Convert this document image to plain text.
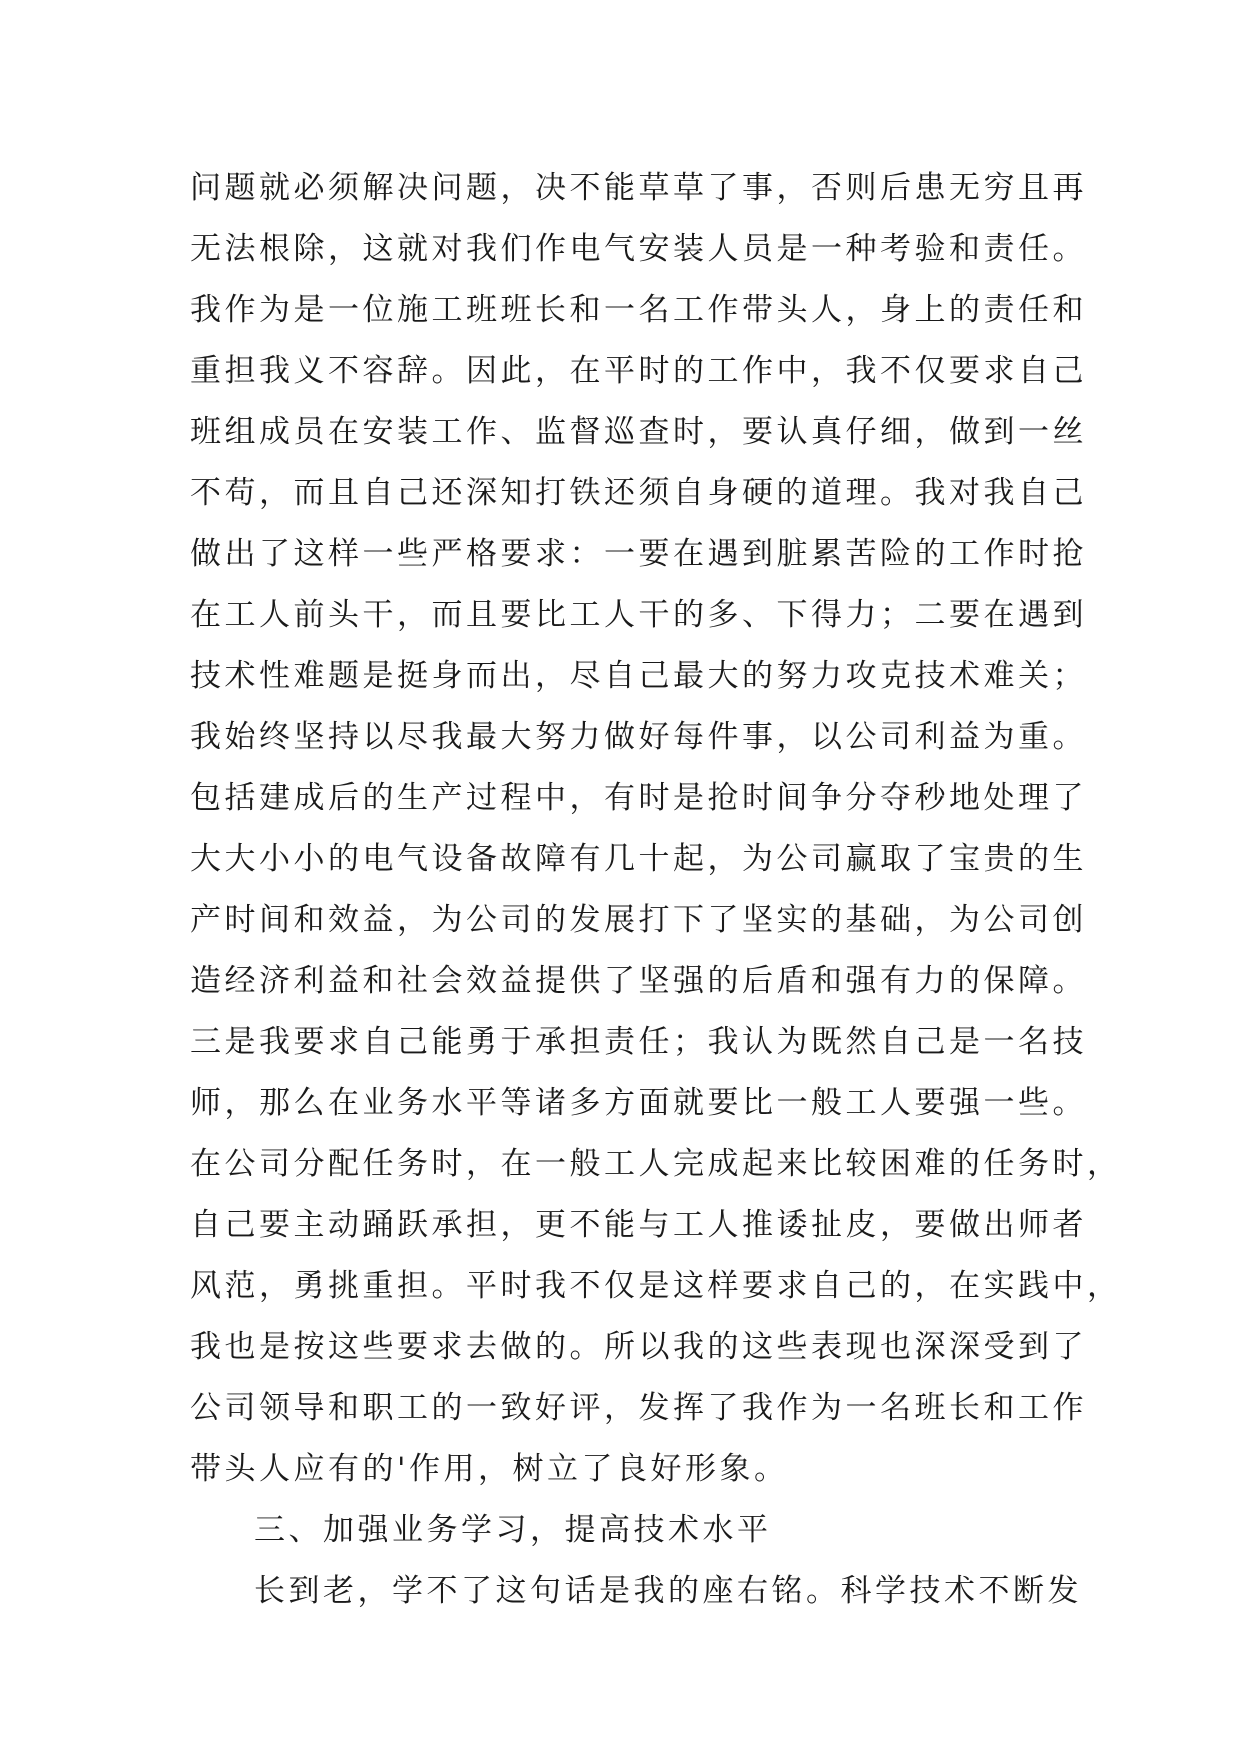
问题就必须解决问题，决不能草草了事，否则后患无穷且再
无法根除，这就对我们作电气安装人员是一种考验和责任。
我作为是一位施工班班长和一名工作带头人，身上的责任和
重担我义不容辞。因此，在平时的工作中，我不仅要求自己
班组成员在安装工作、监督巡查时，要认真仔细，做到一丝
不苟，而且自己还深知打铁还须自身硬的道理。我对我自己
做出了这样一些严格要求：一要在遇到脏累苦险的工作时抢
在工人前头干，而且要比工人干的多、下得力；二要在遇到
技术性难题是挺身而出，尽自己最大的努力攻克技术难关；
我始终坚持以尽我最大努力做好每件事，以公司利益为重。
包括建成后的生产过程中，有时是抢时间争分夺秒地处理了
大大小小的电气设备故障有几十起，为公司赢取了宝贵的生
产时间和效益，为公司的发展打下了坚实的基础，为公司创
造经济利益和社会效益提供了坚强的后盾和强有力的保障。
三是我要求自己能勇于承担责任；我认为既然自己是一名技
师，那么在业务水平等诸多方面就要比一般工人要强一些。
在公司分配任务时，在一般工人完成起来比较困难的任务时，
自己要主动踊跃承担，更不能与工人推诿扯皮，要做出师者
风范，勇挑重担。平时我不仅是这样要求自己的，在实践中，
我也是按这些要求去做的。所以我的这些表现也深深受到了
公司领导和职工的一致好评，发挥了我作为一名班长和工作
带头人应有的'作用，树立了良好形象。
三、加强业务学习，提高技术水平
长到老，学不了这句话是我的座右铭。科学技术不断发
